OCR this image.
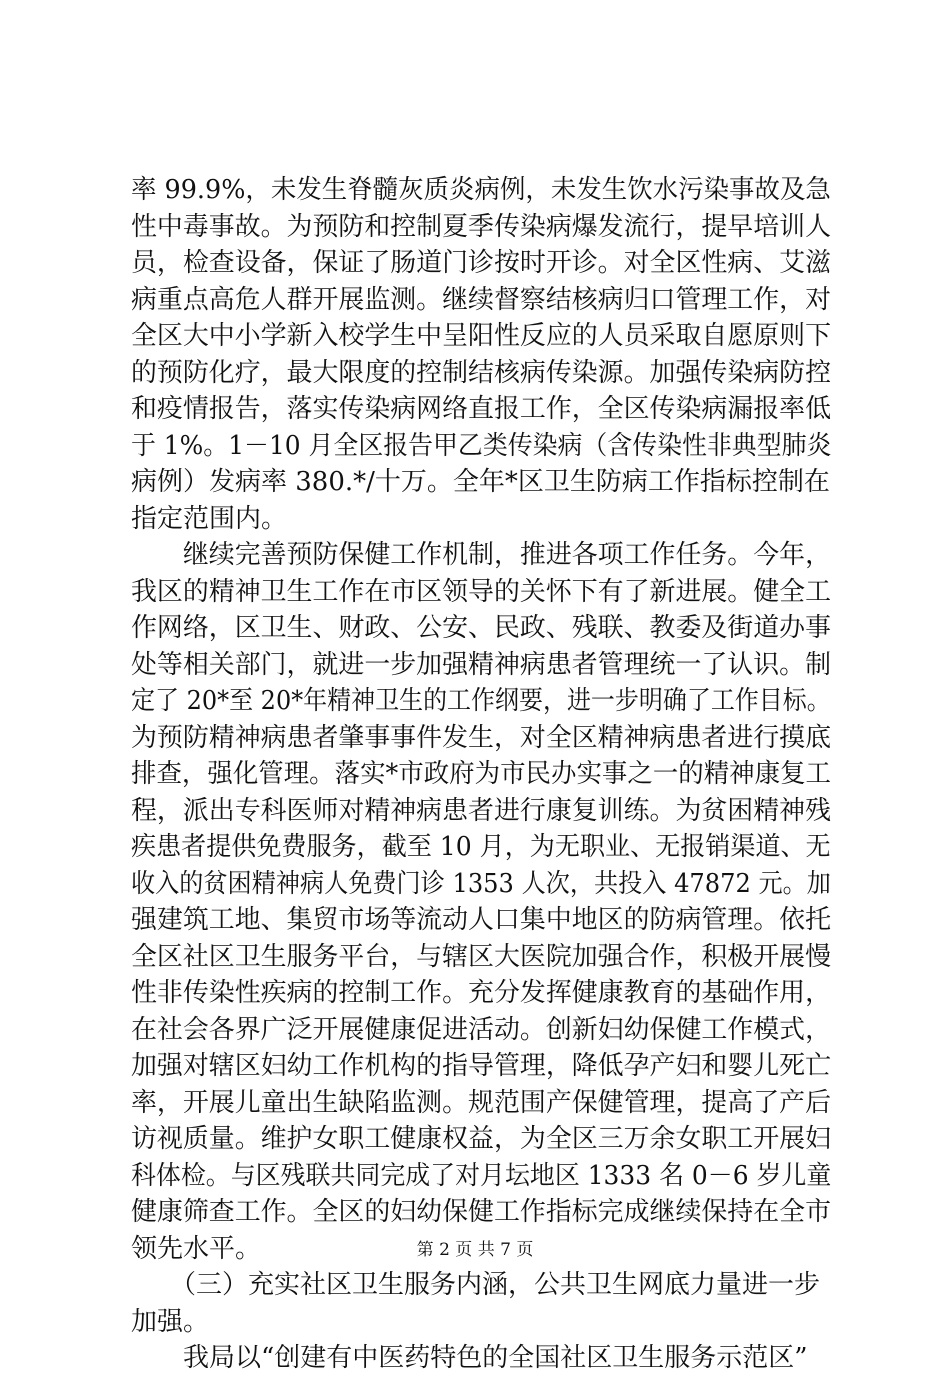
率 99.9%，未发生脊髓灰质炎病例，未发生饮水污染事故及急
性中毒事故。为预防和控制夏季传染病爆发流行，提早培训人
员，检查设备，保证了肠道门诊按时开诊。对全区性病、艾滋
病重点高危人群开展监测。继续督察结核病归口管理工作，对
全区大中小学新入校学生中呈阳性反应的人员采取自愿原则下
的预防化疗，最大限度的控制结核病传染源。加强传染病防控
和疫情报告，落实传染病网络直报工作，全区传染病漏报率低
于 1%。1－10 月全区报告甲乙类传染病（含传染性非典型肺炎
病例）发病率 380.*/十万。全年*区卫生防病工作指标控制在
指定范围内。
　　继续完善预防保健工作机制，推进各项工作任务。今年，
我区的精神卫生工作在市区领导的关怀下有了新进展。健全工
作网络，区卫生、财政、公安、民政、残联、教委及街道办事
处等相关部门，就进一步加强精神病患者管理统一了认识。制
定了 20*至 20*年精神卫生的工作纲要，进一步明确了工作目标。
为预防精神病患者肇事事件发生，对全区精神病患者进行摸底
排查，强化管理。落实*市政府为市民办实事之一的精神康复工
程，派出专科医师对精神病患者进行康复训练。为贫困精神残
疾患者提供免费服务，截至 10 月，为无职业、无报销渠道、无
收入的贫困精神病人免费门诊 1353 人次，共投入 47872 元。加
强建筑工地、集贸市场等流动人口集中地区的防病管理。依托
全区社区卫生服务平台，与辖区大医院加强合作，积极开展慢
性非传染性疾病的控制工作。充分发挥健康教育的基础作用，
在社会各界广泛开展健康促进活动。创新妇幼保健工作模式，
加强对辖区妇幼工作机构的指导管理，降低孕产妇和婴儿死亡
率，开展儿童出生缺陷监测。规范围产保健管理，提高了产后
访视质量。维护女职工健康权益，为全区三万余女职工开展妇
科体检。与区残联共同完成了对月坛地区 1333 名 0－6 岁儿童
健康筛查工作。全区的妇幼保健工作指标完成继续保持在全市
领先水平。
　　（三）充实社区卫生服务内涵，公共卫生网底力量进一步
加强。
　　我局以“创建有中医药特色的全国社区卫生服务示范区”
第 2 页 共 7 页
